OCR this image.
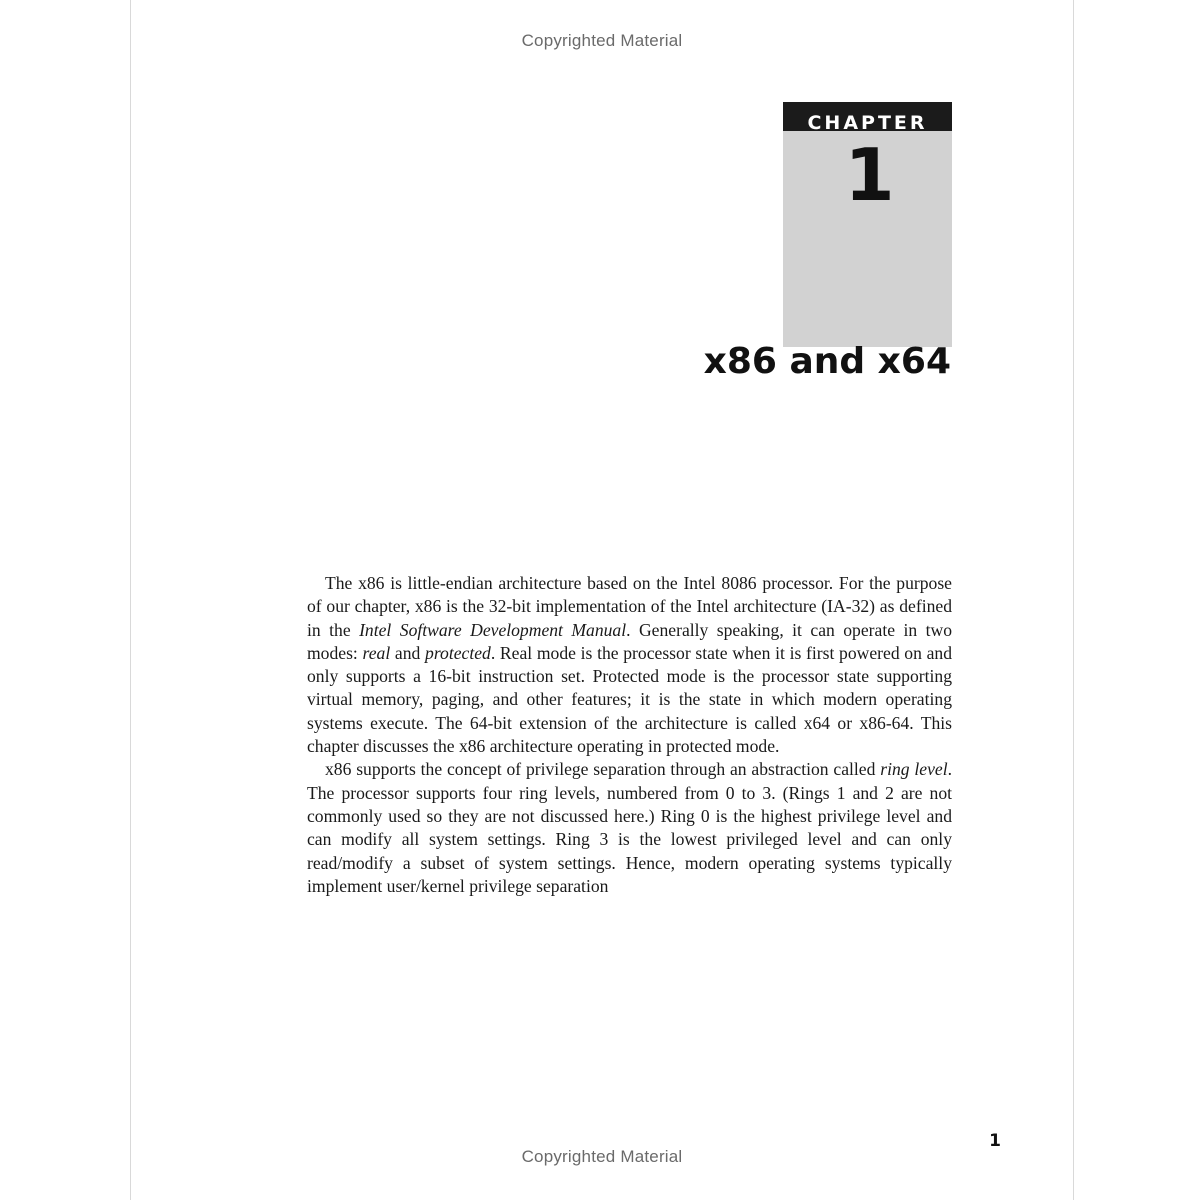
Copyrighted Material
CHAPTER
1
x86 and x64

The x86 is little-endian architecture based on the Intel 8086 processor. For the purpose of our chapter, x86 is the 32-bit implementation of the Intel architecture (IA-32) as defined in the Intel Software Development Manual. Generally speaking, it can operate in two modes: real and protected. Real mode is the processor state when it is first powered on and only supports a 16-bit instruction set. Protected mode is the processor state supporting virtual memory, paging, and other features; it is the state in which modern operating systems execute. The 64-bit extension of the architecture is called x64 or x86-64. This chapter discusses the x86 architecture operating in protected mode.

x86 supports the concept of privilege separation through an abstraction called ring level. The processor supports four ring levels, numbered from 0 to 3. (Rings 1 and 2 are not commonly used so they are not discussed here.) Ring 0 is the highest privilege level and can modify all system settings. Ring 3 is the lowest privileged level and can only read/modify a subset of system settings. Hence, modern operating systems typically implement user/kernel privilege separation

1
Copyrighted Material
